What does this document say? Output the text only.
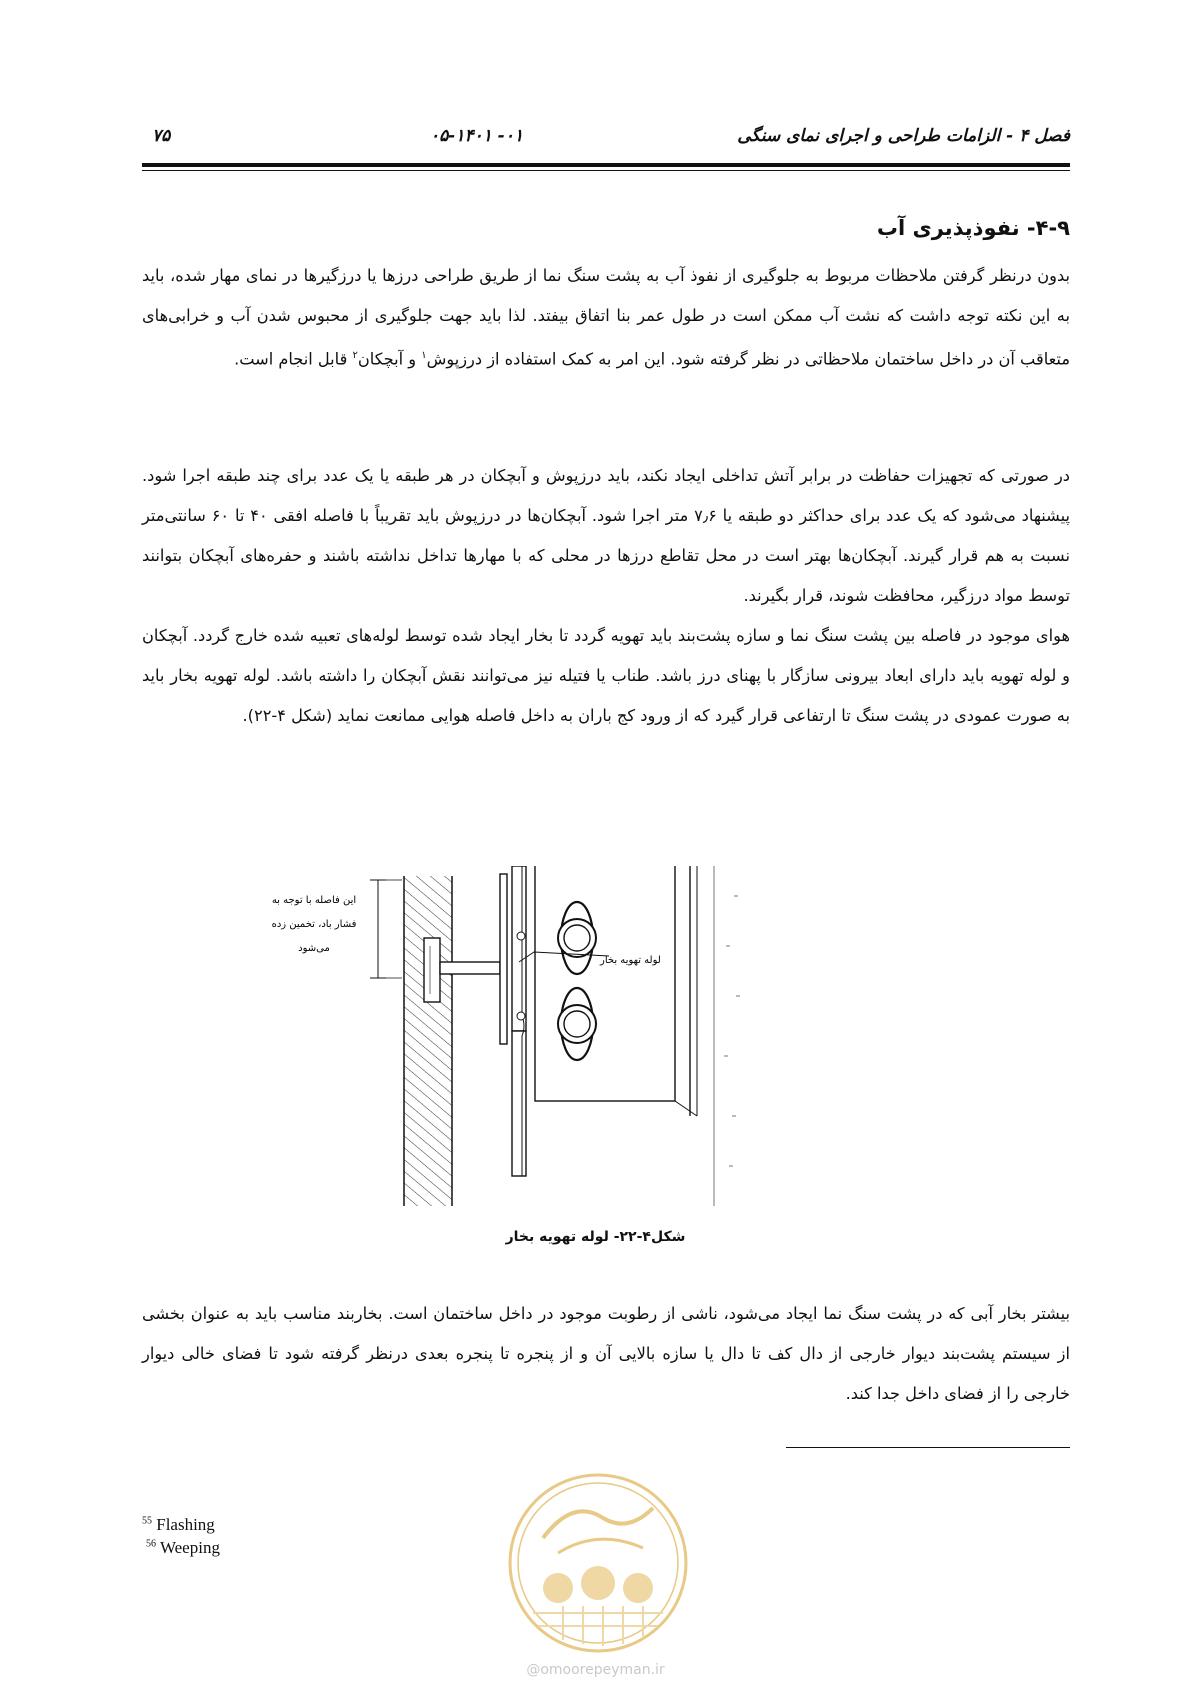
۷۵	۰۱- ۰۵-۱۴۰۱	فصل ۴ - الزامات طراحی و اجرای نمای سنگی
۴-۹- نفوذپذیری آب
بدون درنظر گرفتن ملاحظات مربوط به جلوگیری از نفوذ آب به پشت سنگ نما از طریق طراحی درزها یا درزگیرها در نمای مهار شده، باید به این نکته توجه داشت که نشت آب ممکن است در طول عمر بنا اتفاق بیفتد. لذا باید جهت جلوگیری از محبوس شدن آب و خرابی‌های متعاقب آن در داخل ساختمان ملاحظاتی در نظر گرفته شود. این امر به کمک استفاده از درزپوش$^۱$ و آبچکان$^۲$ قابل انجام است.
در صورتی که تجهیزات حفاظت در برابر آتش تداخلی ایجاد نکند، باید درزپوش و آبچکان در هر طبقه یا یک عدد برای چند طبقه اجرا شود. پیشنهاد می‌شود که یک عدد برای حداکثر دو طبقه یا ۷٫۶ متر اجرا شود. آبچکان‌ها در درزپوش باید تقریباً با فاصله افقی ۴۰ تا ۶۰ سانتی‌متر نسبت به هم قرار گیرند. آبچکان‌ها بهتر است در محل تقاطع درزها در محلی که با مهارها تداخل نداشته باشند و حفره‌های آبچکان بتوانند توسط مواد درزگیر، محافظت شوند، قرار بگیرند.
هوای موجود در فاصله بین پشت سنگ نما و سازه پشت‌بند باید تهویه گردد تا بخار ایجاد شده توسط لوله‌های تعبیه شده خارج گردد. آبچکان و لوله تهویه باید دارای ابعاد بیرونی سازگار با پهنای درز باشد. طناب یا فتیله نیز می‌توانند نقش آبچکان را داشته باشد. لوله تهویه بخار باید به صورت عمودی در پشت سنگ تا ارتفاعی قرار گیرد که از ورود کج باران به داخل فاصله هوایی ممانعت نماید (شکل ۴-۲۲).
این فاصله با توجه به
فشار باد، تخمین زده
می‌شود
لوله تهویه بخار
شکل۴-۲۲- لوله تهویه بخار
بیشتر بخار آبی که در پشت سنگ نما ایجاد می‌شود، ناشی از رطوبت موجود در داخل ساختمان است. بخاربند مناسب باید به عنوان بخشی از سیستم پشت‌بند دیوار خارجی از دال کف تا دال یا سازه بالایی آن و از پنجره تا پنجره بعدی درنظر گرفته شود تا فضای خالی دیوار خارجی را از فضای داخل جدا کند.
$^{55}$ Flashing
$^{56}$ Weeping
@omoorepeyman.ir
